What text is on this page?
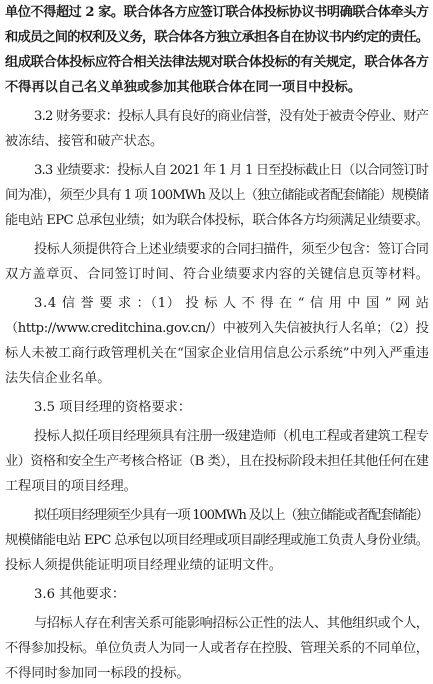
单位不得超过 2 家。联合体各方应签订联合体投标协议书明确联合体牵头方
和成员之间的权利及义务，联合体各方独立承担各自在协议书内约定的责任。
组成联合体投标应符合相关法律法规对联合体投标的有关规定，联合体各方
不得再以自己名义单独或参加其他联合体在同一项目中投标。
3.2 财务要求：投标人具有良好的商业信誉，没有处于被责令停业、财产
被冻结、接管和破产状态。
3.3 业绩要求：投标人自 2021 年 1 月 1 日至投标截止日（以合同签订时
间为准），须至少具有 1 项 100MWh 及以上（独立储能或者配套储能）规模储
能电站 EPC 总承包业绩；如为联合体投标，联合体各方均须满足业绩要求。
投标人须提供符合上述业绩要求的合同扫描件，须至少包含：签订合同
双方盖章页、合同签订时间、符合业绩要求内容的关键信息页等材料。
3.4 信 誉 要 求 ：（1） 投 标 人 不 得 在 “ 信 用 中 国 ” 网 站
（http://www.creditchina.gov.cn/）中被列入失信被执行人名单；（2）投
标人未被工商行政管理机关在“国家企业信用信息公示系统”中列入严重违
法失信企业名单。
3.5 项目经理的资格要求：
投标人拟任项目经理须具有注册一级建造师（机电工程或者建筑工程专
业）资格和安全生产考核合格证（B 类），且在投标阶段未担任其他任何在建
工程项目的项目经理。
拟任项目经理须至少具有一项 100MWh 及以上（独立储能或者配套储能）
规模储能电站 EPC 总承包以项目经理或项目副经理或施工负责人身份业绩。
投标人须提供能证明项目经理业绩的证明文件。
3.6 其他要求：
与招标人存在利害关系可能影响招标公正性的法人、其他组织或个人，
不得参加投标。单位负责人为同一人或者存在控股、管理关系的不同单位，
不得同时参加同一标段的投标。
